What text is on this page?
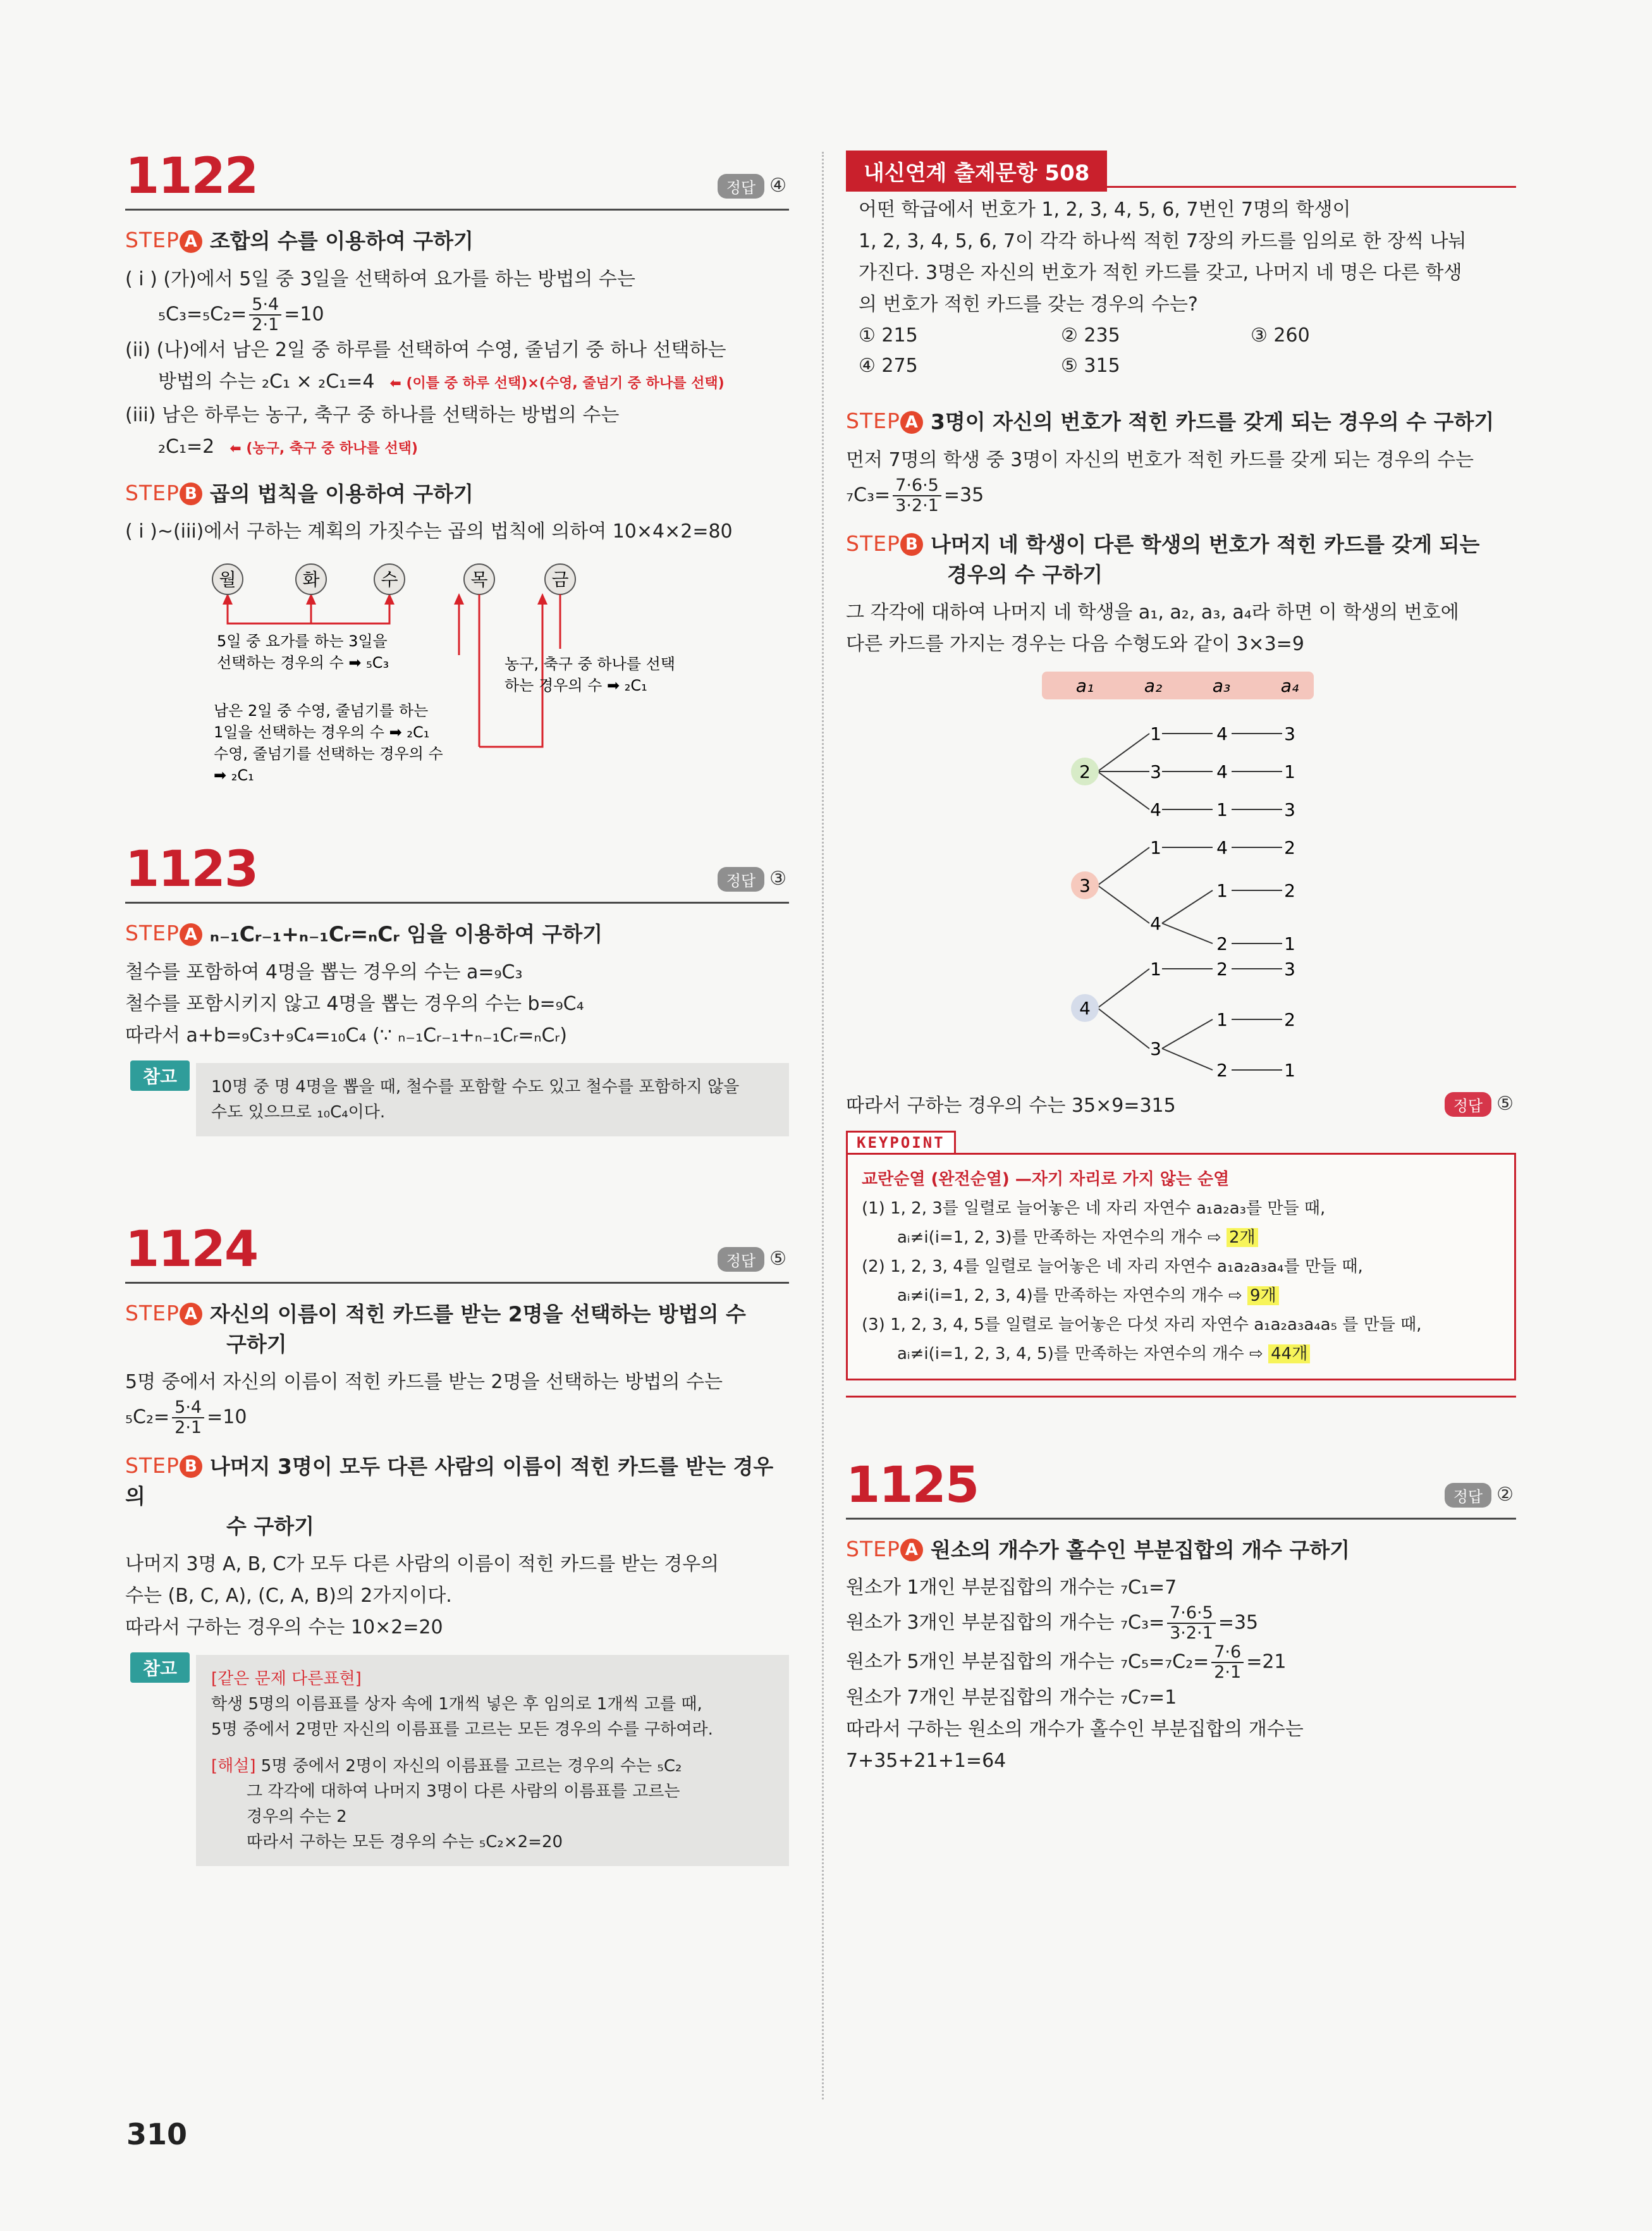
1122	정답 ④
STEP A 조합의 수를 이용하여 구하기
( i ) (가)에서 5일 중 3일을 선택하여 요가를 하는 방법의 수는
$_5C_3=_5C_2= \frac{5\cdot 4}{2\cdot 1} =10$
(ii) (나)에서 남은 2일 중 하루를 선택하여 수영, 줄넘기 중 하나 선택하는
방법의 수는 ₂C₁ × ₂C₁=4 ⬅ (이틀 중 하루 선택)×(수영, 줄넘기 중 하나를 선택)
(iii) 남은 하루는 농구, 축구 중 하나를 선택하는 방법의 수는
₂C₁=2 ⬅ (농구, 축구 중 하나를 선택)
STEP B 곱의 법칙을 이용하여 구하기
( i )~(iii)에서 구하는 계획의 가짓수는 곱의 법칙에 의하여 10×4×2=80
월	화	수	목	금
5일 중 요가를 하는 3일을
선택하는 경우의 수 ➡ ₅C₃	농구, 축구 중 하나를 선택
하는 경우의 수 ➡ ₂C₁
남은 2일 중 수영, 줄넘기를 하는
1일을 선택하는 경우의 수 ➡ ₂C₁
수영, 줄넘기를 선택하는 경우의 수
➡ ₂C₁
1123	정답 ③
STEP A ₙ₋₁Cᵣ₋₁+ₙ₋₁Cᵣ=ₙCᵣ 임을 이용하여 구하기
철수를 포함하여 4명을 뽑는 경우의 수는 a=₉C₃
철수를 포함시키지 않고 4명을 뽑는 경우의 수는 b=₉C₄
따라서 a+b=₉C₃+₉C₄=₁₀C₄ (∵ ₙ₋₁Cᵣ₋₁+ₙ₋₁Cᵣ=ₙCᵣ)
참고	10명 중 명 4명을 뽑을 때, 철수를 포함할 수도 있고 철수를 포함하지 않을
수도 있으므로 ₁₀C₄이다.
1124	정답 ⑤
STEP A 자신의 이름이 적힌 카드를 받는 2명을 선택하는 방법의 수
구하기
5명 중에서 자신의 이름이 적힌 카드를 받는 2명을 선택하는 방법의 수는
$_5C_2= \frac{5\cdot 4}{2\cdot 1} =10$
STEP B 나머지 3명이 모두 다른 사람의 이름이 적힌 카드를 받는 경우의
수 구하기
나머지 3명 A, B, C가 모두 다른 사람의 이름이 적힌 카드를 받는 경우의
수는 (B, C, A), (C, A, B)의 2가지이다.
따라서 구하는 경우의 수는 10×2=20
참고	[같은 문제 다른표현]
학생 5명의 이름표를 상자 속에 1개씩 넣은 후 임의로 1개씩 고를 때,
5명 중에서 2명만 자신의 이름표를 고르는 모든 경우의 수를 구하여라.
[해설] 5명 중에서 2명이 자신의 이름표를 고르는 경우의 수는 ₅C₂
그 각각에 대하여 나머지 3명이 다른 사람의 이름표를 고르는
경우의 수는 2
따라서 구하는 모든 경우의 수는 ₅C₂×2=20
내신연계 출제문항 508
어떤 학급에서 번호가 1, 2, 3, 4, 5, 6, 7번인 7명의 학생이
1, 2, 3, 4, 5, 6, 7이 각각 하나씩 적힌 7장의 카드를 임의로 한 장씩 나눠
가진다. 3명은 자신의 번호가 적힌 카드를 갖고, 나머지 네 명은 다른 학생
의 번호가 적힌 카드를 갖는 경우의 수는?
① 215	② 235	③ 260
④ 275	⑤ 315
STEP A 3명이 자신의 번호가 적힌 카드를 갖게 되는 경우의 수 구하기
먼저 7명의 학생 중 3명이 자신의 번호가 적힌 카드를 갖게 되는 경우의 수는
$_7C_3= \frac{7\cdot 6\cdot 5}{3\cdot 2\cdot 1} =35$
STEP B 나머지 네 학생이 다른 학생의 번호가 적힌 카드를 갖게 되는
경우의 수 구하기
그 각각에 대하여 나머지 네 학생을 a₁, a₂, a₃, a₄라 하면 이 학생의 번호에
다른 카드를 가지는 경우는 다음 수형도와 같이 3×3=9
a₁	a₂	a₃	a₄
2
3
4
1
3
4
4
4
1
3
1
3
1
4
4
1
2
2
2
1
1
3
2
1
2
3
2
1
따라서 구하는 경우의 수는 35×9=315	정답 ⑤
KEYPOINT
교란순열 (완전순열) —자기 자리로 가지 않는 순열
(1) 1, 2, 3를 일렬로 늘어놓은 네 자리 자연수 a₁a₂a₃를 만들 때,
aᵢ≠i(i=1, 2, 3)를 만족하는 자연수의 개수 ⇨ 2개
(2) 1, 2, 3, 4를 일렬로 늘어놓은 네 자리 자연수 a₁a₂a₃a₄를 만들 때,
aᵢ≠i(i=1, 2, 3, 4)를 만족하는 자연수의 개수 ⇨ 9개
(3) 1, 2, 3, 4, 5를 일렬로 늘어놓은 다섯 자리 자연수 a₁a₂a₃a₄a₅ 를 만들 때,
aᵢ≠i(i=1, 2, 3, 4, 5)를 만족하는 자연수의 개수 ⇨ 44개
1125	정답 ②
STEP A 원소의 개수가 홀수인 부분집합의 개수 구하기
원소가 1개인 부분집합의 개수는 ₇C₁=7
원소가 3개인 부분집합의 개수는 $_7C_3= \frac{7\cdot 6\cdot 5}{3\cdot 2\cdot 1} =35$
원소가 5개인 부분집합의 개수는 $_7C_5=_7C_2= \frac{7\cdot 6}{2\cdot 1} =21$
원소가 7개인 부분집합의 개수는 ₇C₇=1
따라서 구하는 원소의 개수가 홀수인 부분집합의 개수는
7+35+21+1=64
310
